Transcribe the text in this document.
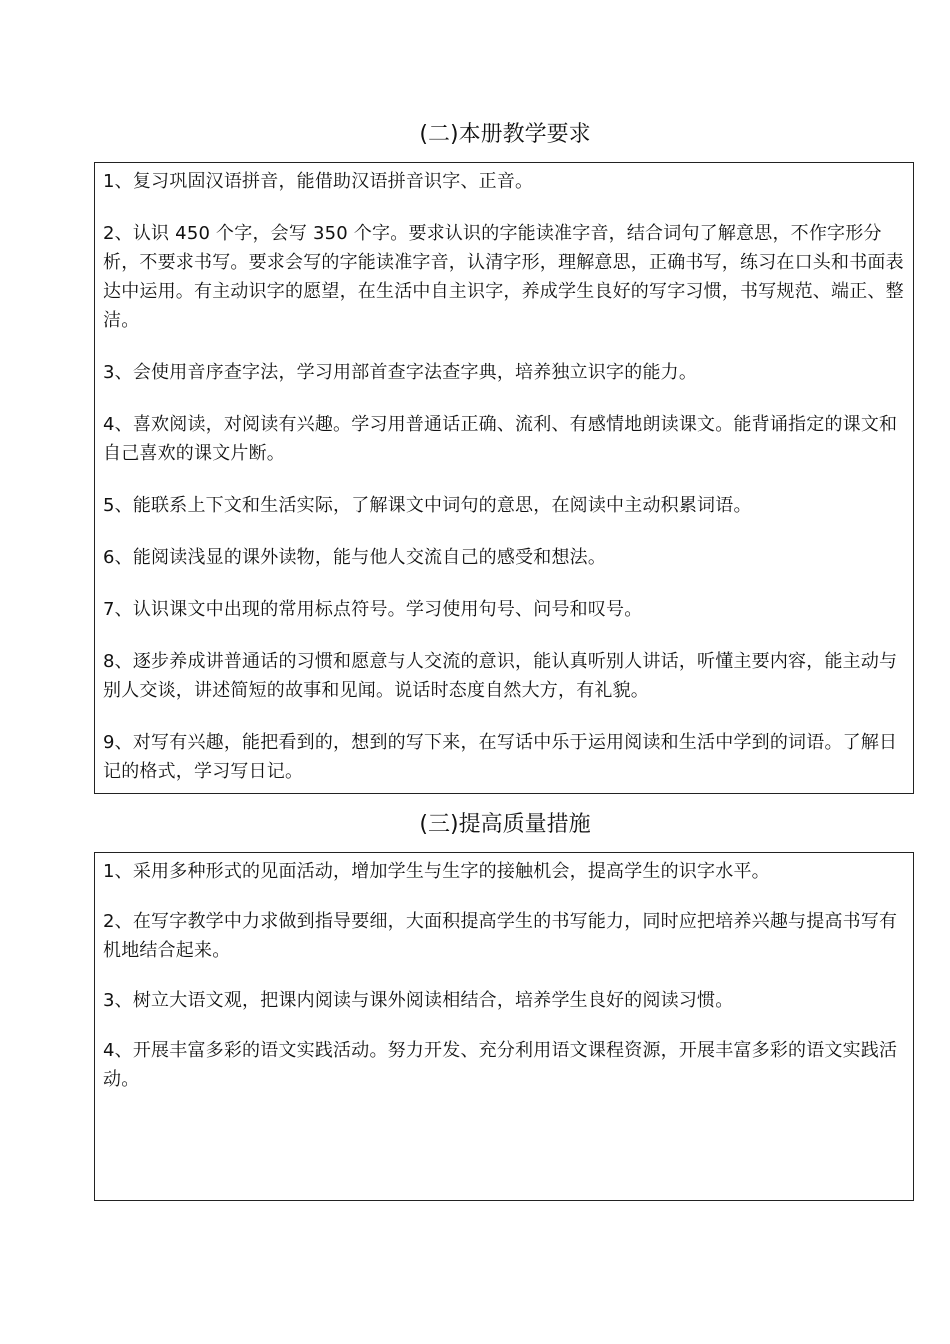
(二)本册教学要求

1、复习巩固汉语拼音，能借助汉语拼音识字、正音。

2、认识 450 个字，会写 350 个字。要求认识的字能读准字音，结合词句了解意思，不作字形分析，不要求书写。要求会写的字能读准字音，认清字形，理解意思，正确书写，练习在口头和书面表达中运用。有主动识字的愿望，在生活中自主识字，养成学生良好的写字习惯，书写规范、端正、整洁。

3、会使用音序查字法，学习用部首查字法查字典，培养独立识字的能力。

4、喜欢阅读，对阅读有兴趣。学习用普通话正确、流利、有感情地朗读课文。能背诵指定的课文和自己喜欢的课文片断。

5、能联系上下文和生活实际，了解课文中词句的意思，在阅读中主动积累词语。

6、能阅读浅显的课外读物，能与他人交流自己的感受和想法。

7、认识课文中出现的常用标点符号。学习使用句号、问号和叹号。

8、逐步养成讲普通话的习惯和愿意与人交流的意识，能认真听别人讲话，听懂主要内容，能主动与别人交谈，讲述简短的故事和见闻。说话时态度自然大方，有礼貌。

9、对写有兴趣，能把看到的，想到的写下来，在写话中乐于运用阅读和生活中学到的词语。了解日记的格式，学习写日记。

(三)提高质量措施

1、采用多种形式的见面活动，增加学生与生字的接触机会，提高学生的识字水平。

2、在写字教学中力求做到指导要细，大面积提高学生的书写能力，同时应把培养兴趣与提高书写有机地结合起来。

3、树立大语文观，把课内阅读与课外阅读相结合，培养学生良好的阅读习惯。

4、开展丰富多彩的语文实践活动。努力开发、充分利用语文课程资源，开展丰富多彩的语文实践活动。
